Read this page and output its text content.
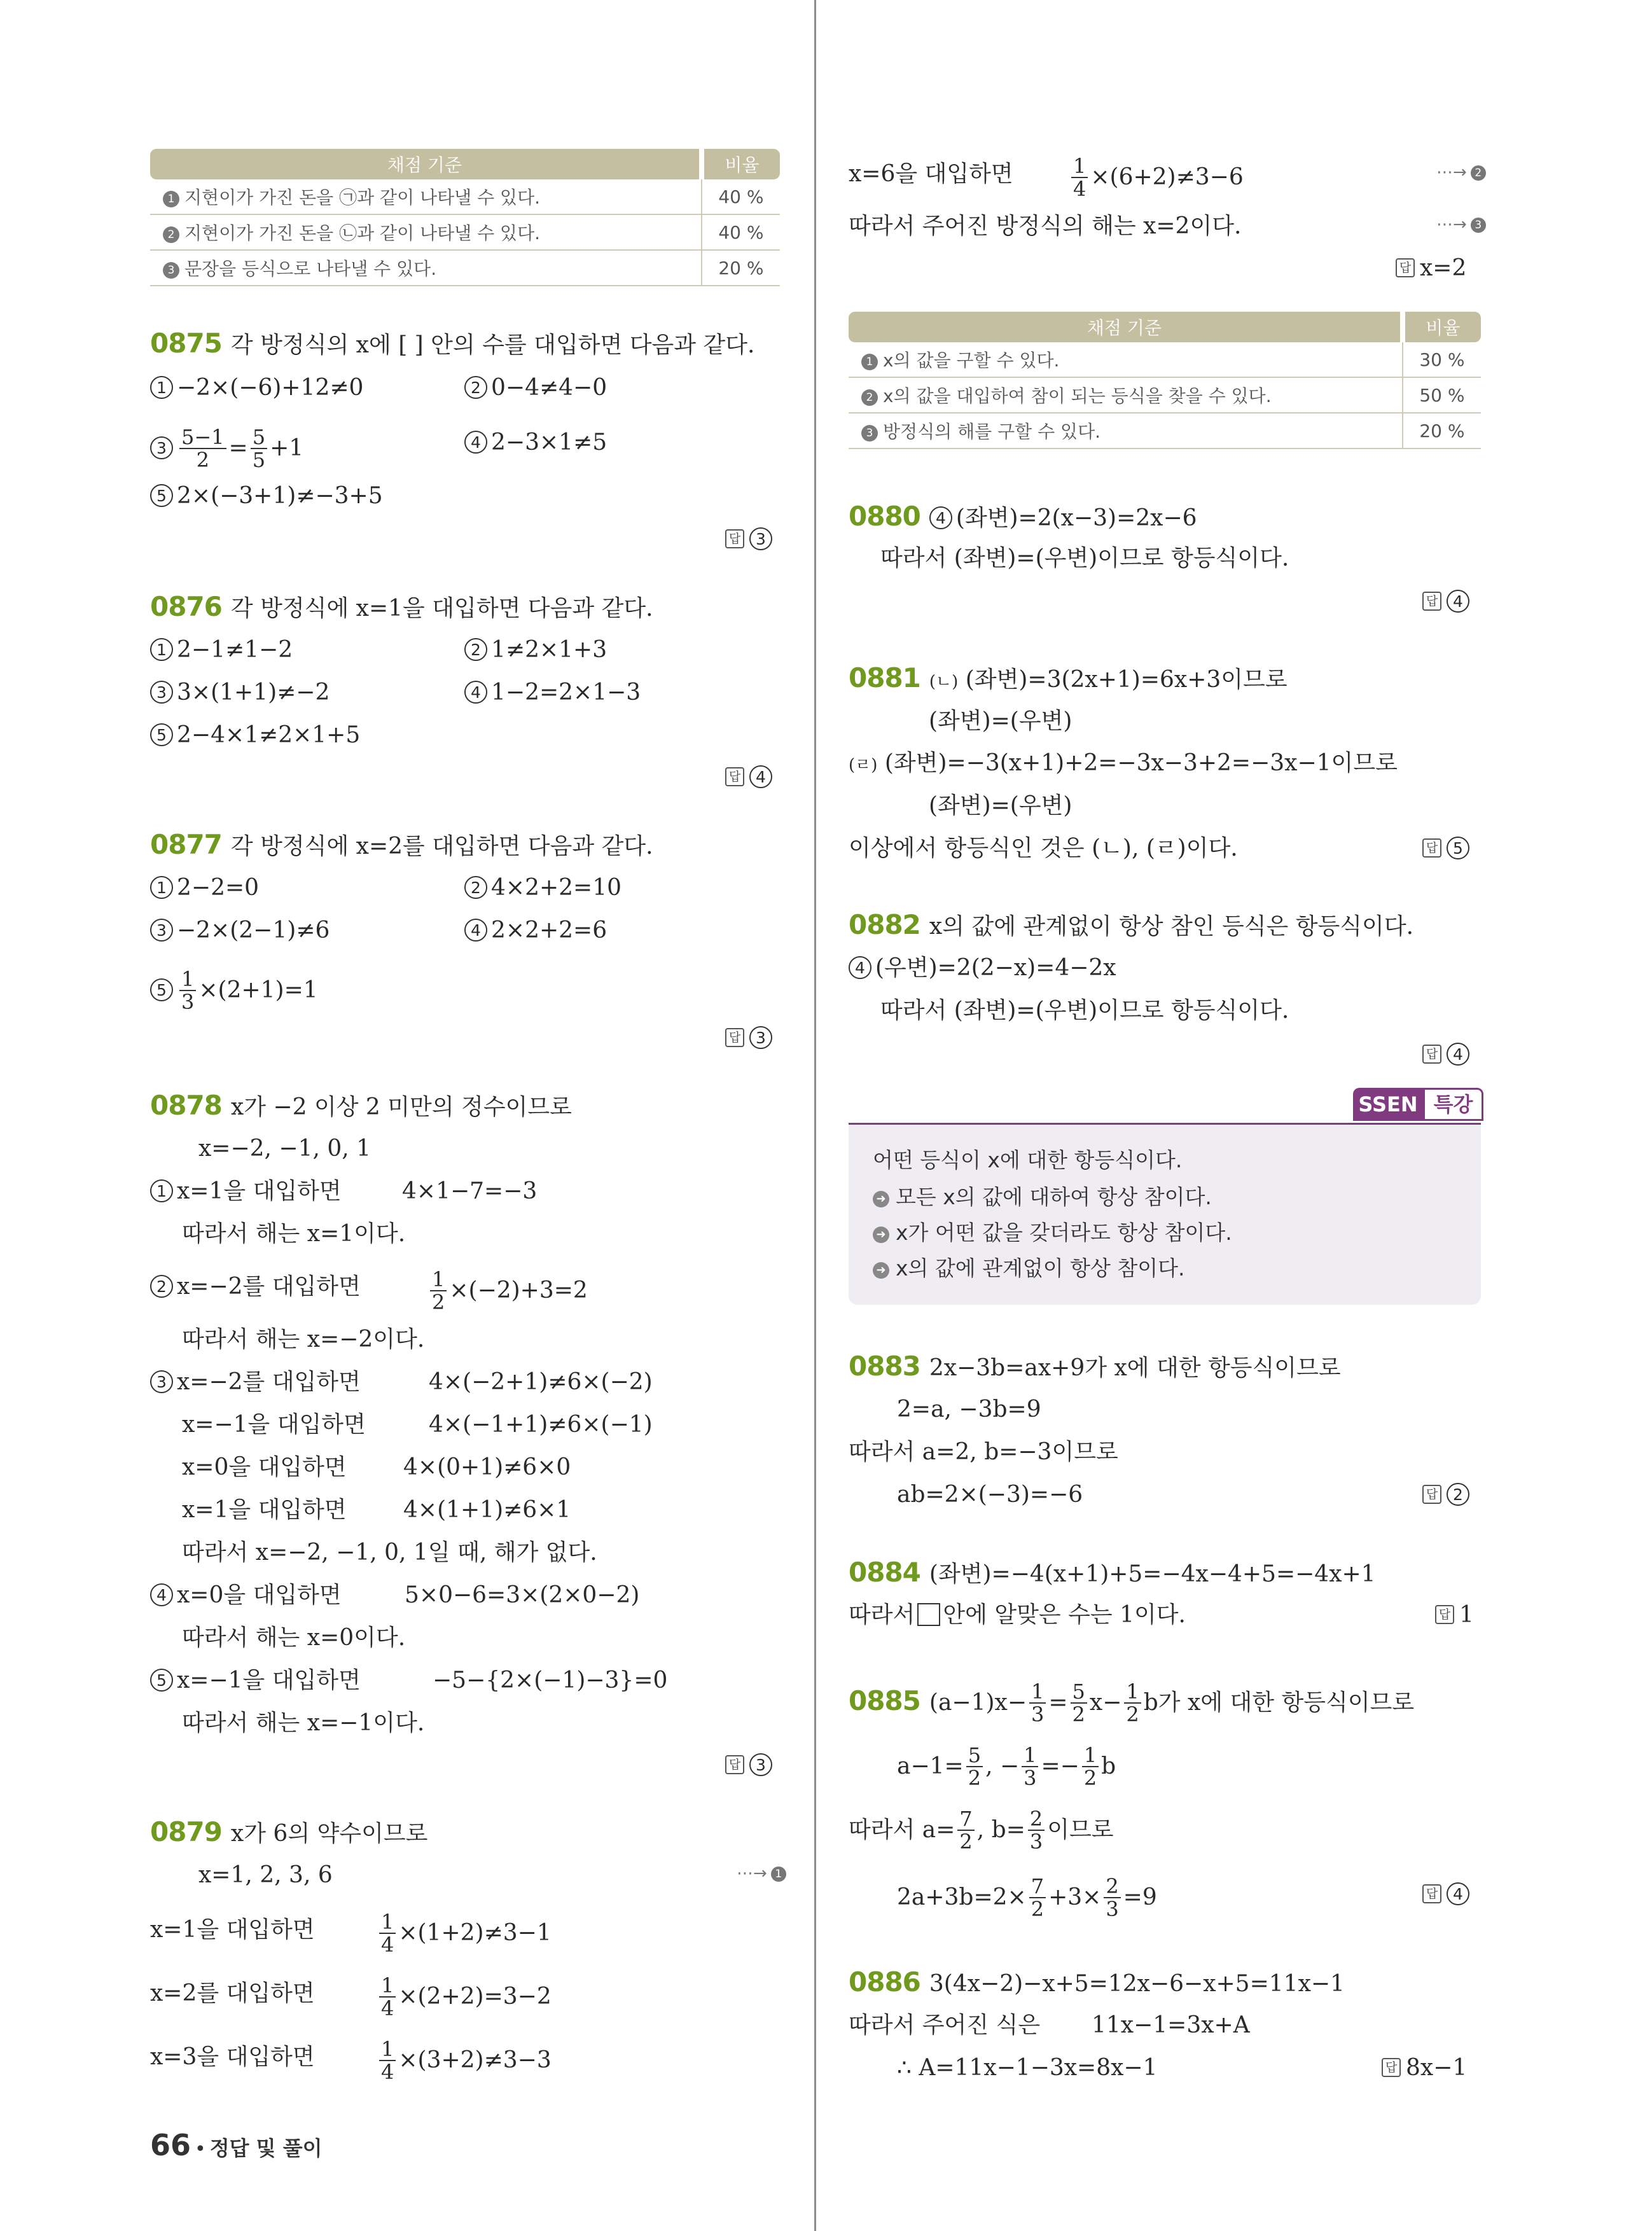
채점 기준	비율
1 지현이가 가진 돈을 ㉠과 같이 나타낼 수 있다.	40 %
2 지현이가 가진 돈을 ㉡과 같이 나타낼 수 있다.	40 %
3 문장을 등식으로 나타낼 수 있다.	20 %
0875 각 방정식의 x에 [ ] 안의 수를 대입하면 다음과 같다.
1 −2×(−6)+12≠0	2 0−4≠4−0
$3 \frac{5-1}{2} = \frac{5}{5} +1$	4 2−3×1≠5
5 2×(−3+1)≠−3+5
답 3
0876 각 방정식에 x=1을 대입하면 다음과 같다.
1 2−1≠1−2	2 1≠2×1+3
3 3×(1+1)≠−2	4 1−2=2×1−3
5 2−4×1≠2×1+5
답 4
0877 각 방정식에 x=2를 대입하면 다음과 같다.
1 2−2=0	2 4×2+2=10
3 −2×(2−1)≠6	4 2×2+2=6
$5 \frac{1}{3} \times(2+1)=1$
답 3
0878 x가 −2 이상 2 미만의 정수이므로
x=−2, −1, 0, 1
1 x=1을 대입하면	4×1−7=−3
따라서 해는 x=1이다.
2 x=−2를 대입하면	$\frac{1}{2} \times(-2)+3=2$
따라서 해는 x=−2이다.
3 x=−2를 대입하면	4×(−2+1)≠6×(−2)
x=−1을 대입하면	4×(−1+1)≠6×(−1)
x=0을 대입하면 4×(0+1)≠6×0
x=1을 대입하면 4×(1+1)≠6×1
따라서 x=−2, −1, 0, 1일 때, 해가 없다.
4 x=0을 대입하면	5×0−6=3×(2×0−2)
따라서 해는 x=0이다.
5 x=−1을 대입하면	−5−{2×(−1)−3}=0
따라서 해는 x=−1이다.
답 3
0879 x가 6의 약수이므로
x=1, 2, 3, 6	⋯→ 1
x=1을 대입하면	$\frac{1}{4} \times(1+2)\ne 3-1$
x=2를 대입하면	$\frac{1}{4} \times(2+2)=3-2$
x=3을 대입하면	$\frac{1}{4} \times(3+2)\ne 3-3$
66 • 정답 및 풀이
x=6을 대입하면	$\frac{1}{4} \times(6+2)\ne 3-6$	⋯→ 2
따라서 주어진 방정식의 해는 x=2이다.	⋯→ 3
답 x=2
채점 기준	비율
1 x의 값을 구할 수 있다.	30 %
2 x의 값을 대입하여 참이 되는 등식을 찾을 수 있다.	50 %
3 방정식의 해를 구할 수 있다.	20 %
0880 4 (좌변)=2(x−3)=2x−6
따라서 (좌변)=(우변)이므로 항등식이다.
답 4
0881 (ㄴ) (좌변)=3(2x+1)=6x+3이므로
(좌변)=(우변)
(ㄹ) (좌변)=−3(x+1)+2=−3x−3+2=−3x−1이므로
(좌변)=(우변)
이상에서 항등식인 것은 (ㄴ), (ㄹ)이다.	답 5
0882 x의 값에 관계없이 항상 참인 등식은 항등식이다.
4 (우변)=2(2−x)=4−2x
따라서 (좌변)=(우변)이므로 항등식이다.
답 4
SSEN 특강
어떤 등식이 x에 대한 항등식이다.
➜ 모든 x의 값에 대하여 항상 참이다.
➜ x가 어떤 값을 갖더라도 항상 참이다.
➜ x의 값에 관계없이 항상 참이다.
0883 2x−3b=ax+9가 x에 대한 항등식이므로
2=a, −3b=9
따라서 a=2, b=−3이므로
ab=2×(−3)=−6	답 2
0884 (좌변)=−4(x+1)+5=−4x−4+5=−4x+1
따라서 안에 알맞은 수는 1이다.	답 1
0885 $(a-1)x- \frac{1}{3} = \frac{5}{2} x- \frac{1}{2}$ b가 x에 대한 항등식이므로
$a-1= \frac{5}{2}$ , − $\frac{1}{3} =- \frac{1}{2}$ b
따라서 $a= \frac{7}{2}$ , $b= \frac{2}{3}$ 이므로
$2a+3b=2\times \frac{7}{2} +3\times \frac{2}{3} =9$	답 4
0886 3(4x−2)−x+5=12x−6−x+5=11x−1
따라서 주어진 식은 11x−1=3x+A
∴ A=11x−1−3x=8x−1	답 8x−1
